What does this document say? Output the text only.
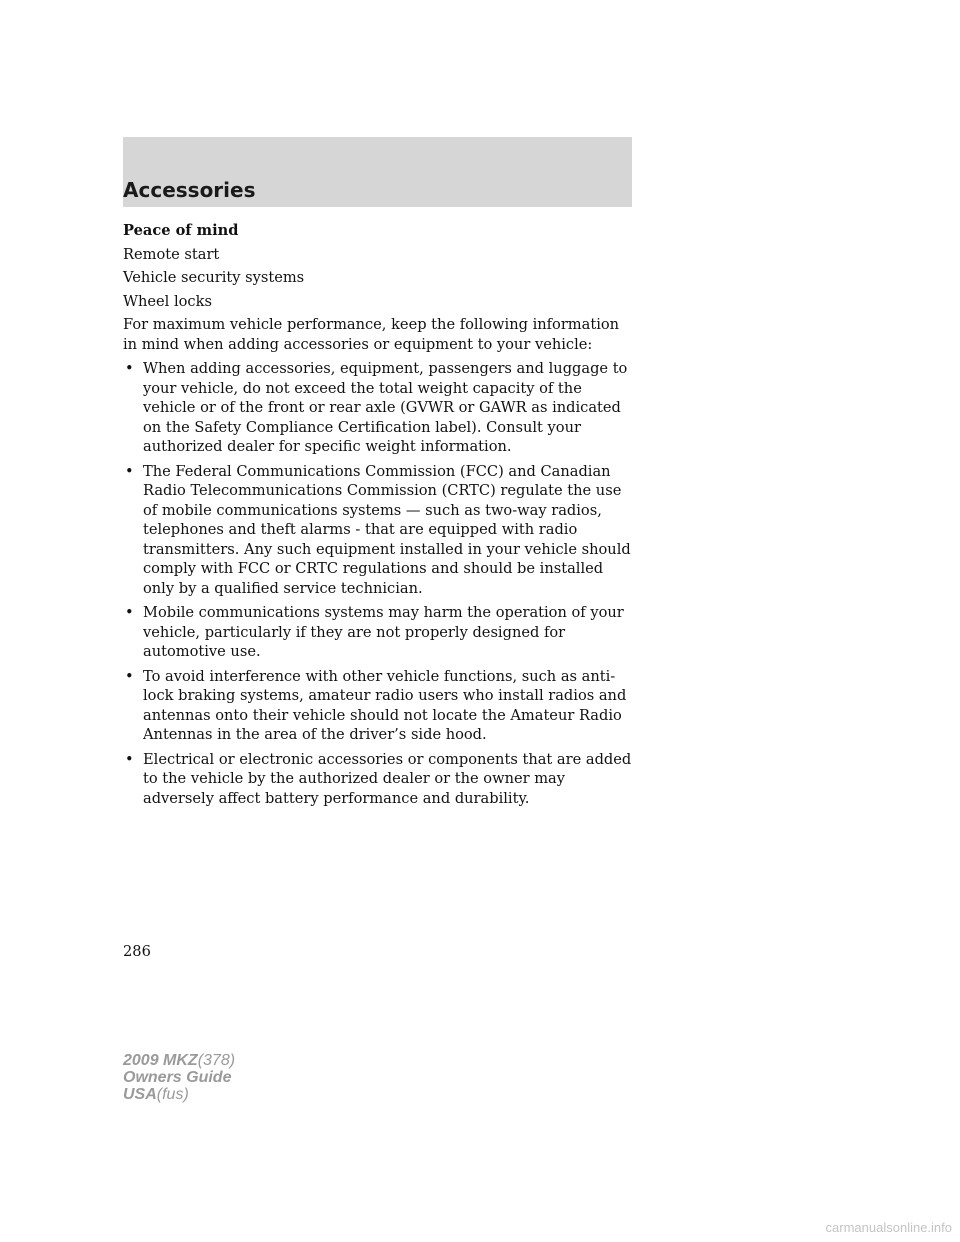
Accessories

Peace of mind

Remote start

Vehicle security systems

Wheel locks

For maximum vehicle performance, keep the following information in mind when adding accessories or equipment to your vehicle:

• When adding accessories, equipment, passengers and luggage to your vehicle, do not exceed the total weight capacity of the vehicle or of the front or rear axle (GVWR or GAWR as indicated on the Safety Compliance Certification label). Consult your authorized dealer for specific weight information.
• The Federal Communications Commission (FCC) and Canadian Radio Telecommunications Commission (CRTC) regulate the use of mobile communications systems — such as two-way radios, telephones and theft alarms - that are equipped with radio transmitters. Any such equipment installed in your vehicle should comply with FCC or CRTC regulations and should be installed only by a qualified service technician.
• Mobile communications systems may harm the operation of your vehicle, particularly if they are not properly designed for automotive use.
• To avoid interference with other vehicle functions, such as anti-lock braking systems, amateur radio users who install radios and antennas onto their vehicle should not locate the Amateur Radio Antennas in the area of the driver’s side hood.
• Electrical or electronic accessories or components that are added to the vehicle by the authorized dealer or the owner may adversely affect battery performance and durability.
286
2009 MKZ(378)
Owners Guide
USA(fus)
carmanualsonline.info
